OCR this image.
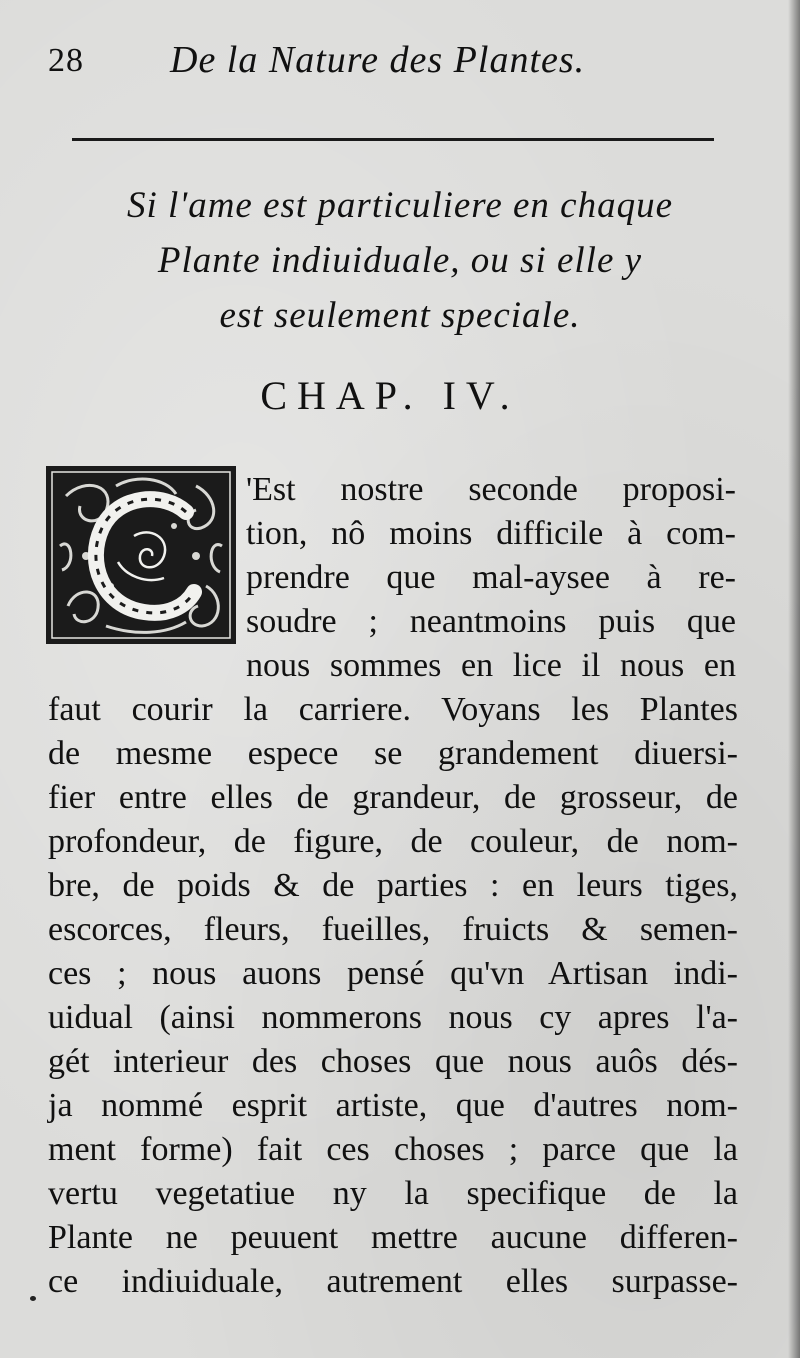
28 De la Nature des Plantes.
Si l'ame est particuliere en chaque
Plante indiuiduale, ou si elle y
est seulement speciale.
CHAP. IV.
'Est nostre seconde proposi-
tion, nô moins difficile à com-
prendre que mal-aysee à re-
soudre ; neantmoins puis que
nous sommes en lice il nous en
faut courir la carriere. Voyans les Plantes
de mesme espece se grandement diuersi-
fier entre elles de grandeur, de grosseur, de
profondeur, de figure, de couleur, de nom-
bre, de poids & de parties : en leurs tiges,
escorces, fleurs, fueilles, fruicts & semen-
ces ; nous auons pensé qu'vn Artisan indi-
uidual (ainsi nommerons nous cy apres l'a-
gét interieur des choses que nous auôs dés-
ja nommé esprit artiste, que d'autres nom-
ment forme) fait ces choses ; parce que la
vertu vegetatiue ny la specifique de la
Plante ne peuuent mettre aucune differen-
ce indiuiduale, autrement elles surpasse-
